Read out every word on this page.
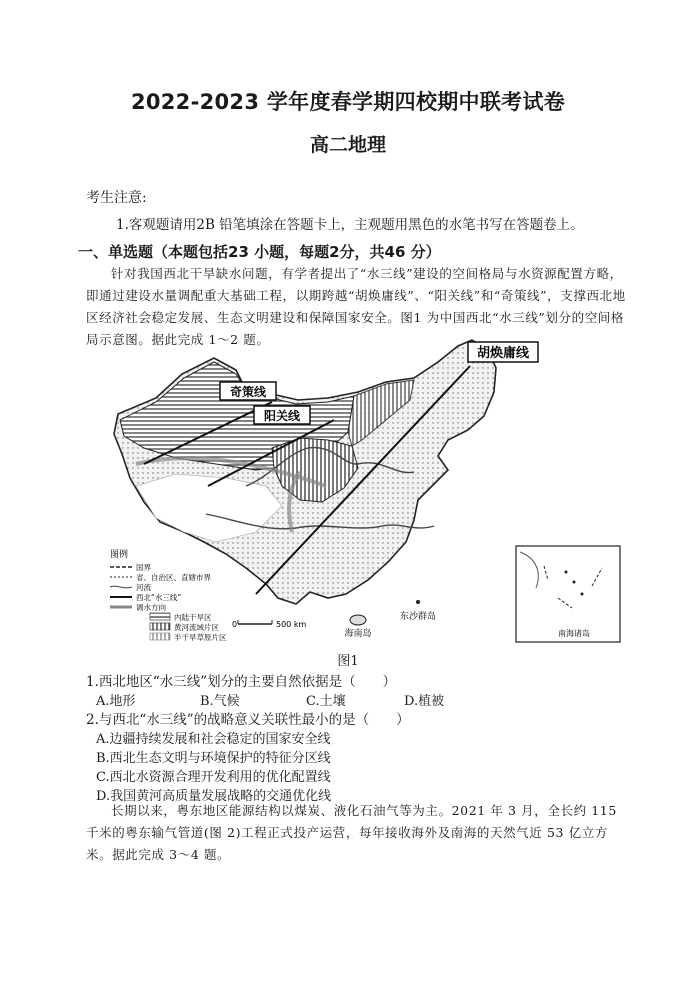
2022-2023 学年度春学期四校期中联考试卷
高二地理
考生注意:
1.客观题请用2B 铅笔填涂在答题卡上，主观题用黑色的水笔书写在答题卷上。
一、单选题（本题包括23 小题，每题2分，共46 分）
针对我国西北干旱缺水问题，有学者提出了“水三线”建设的空间格局与水资源配置方略，即通过建设水量调配重大基础工程，以期跨越“胡焕庸线”、“阳关线”和“奇策线”，支撑西北地区经济社会稳定发展、生态文明建设和保障国家安全。图1 为中国西北“水三线”划分的空间格局示意图。据此完成 1～2 题。
奇策线
阳关线
胡焕庸线
海南岛
东沙群岛
图例
国界
省、自治区、直辖市界
河流
西北“水三线”
调水方向
内陆干旱区
黄河流域片区
半干旱草原片区
0	500 km
南海诸岛
图1
1.西北地区“水三线”划分的主要自然依据是（　　）
A.地形	B.气候	C.土壤	D.植被
2.与西北“水三线”的战略意义关联性最小的是（　　）
A.边疆持续发展和社会稳定的国家安全线
B.西北生态文明与环境保护的特征分区线
C.西北水资源合理开发利用的优化配置线
D.我国黄河高质量发展战略的交通优化线
长期以来，粤东地区能源结构以煤炭、液化石油气等为主。2021 年 3 月，全长约 115 千米的粤东输气管道(图 2)工程正式投产运营，每年接收海外及南海的天然气近 53 亿立方米。据此完成 3～4 题。
